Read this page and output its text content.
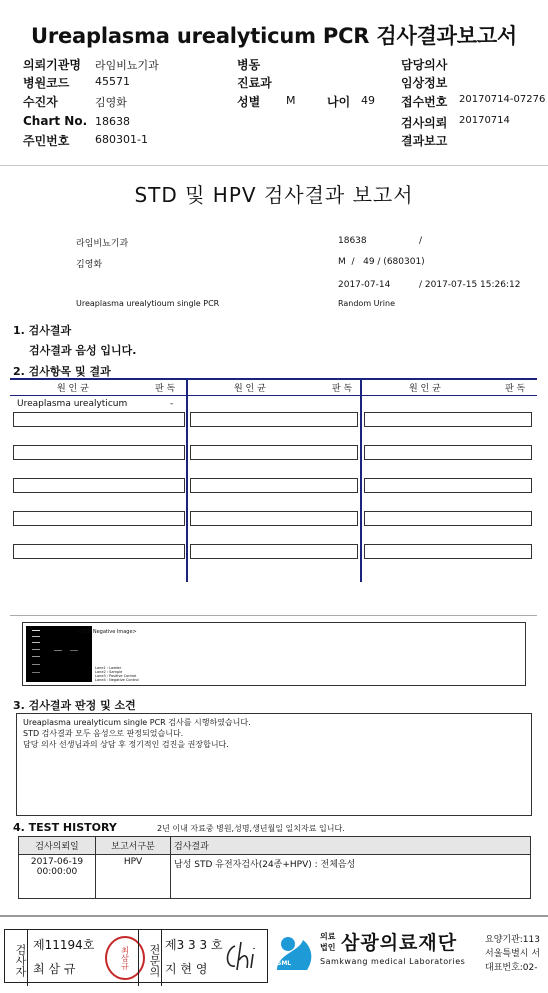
Ureaplasma urealyticum PCR 검사결과보고서
의뢰기관명 라임비뇨기과	병동	담당의사
병원코드 45571	진료과	임상정보
수진자	김영화	성별 M	나이 49 접수번호 20170714-07276
Chart No. 18638	검사의뢰 20170714
주민번호 680301-1	결과보고
STD 및 HPV 검사결과 보고서
라임비뇨기과	18638	/
김영화	M  /   49 / (680301)
2017-07-14	/ 2017-07-15 15:26:12
Ureaplasma urealytioum single PCR	Random Urine
1. 검사결과
검사결과 음성 입니다.
2. 검사항목 및 결과
원 인 균	판 독	원 인 균	판 독	원 인 균	판 독
Ureaplasma urealyticum	-
<STD Negative Image>
Lane1 : Ladder
Lane2 : Sample
Lane3 : Positive Control
Lane4 : Negative Control
3. 검사결과 판정 및 소견
Ureaplasma urealyticum single PCR 검사를 시행하였습니다.
STD 검사결과 모두 음성으로 판정되었습니다.
담당 의사 선생님과의 상담 후 정기적인 검진을 권장합니다.
4. TEST HISTORY	2년 이내 자료중 병원,성명,생년월일 일치자료 입니다.
검사의뢰일	보고서구분	검사결과

2017-06-19
00:00:00	HPV	남성 STD 유전자검사(24종+HPV) : 전체음성
검사자 제11194호
최 삼 규	최삼규	전문의 제3 3 3 호
지 현 영	SML
의료
법인 삼광의료재단
Samkwang medical Laboratories
요양기관:113
서울특별시 서
대표번호:02-
